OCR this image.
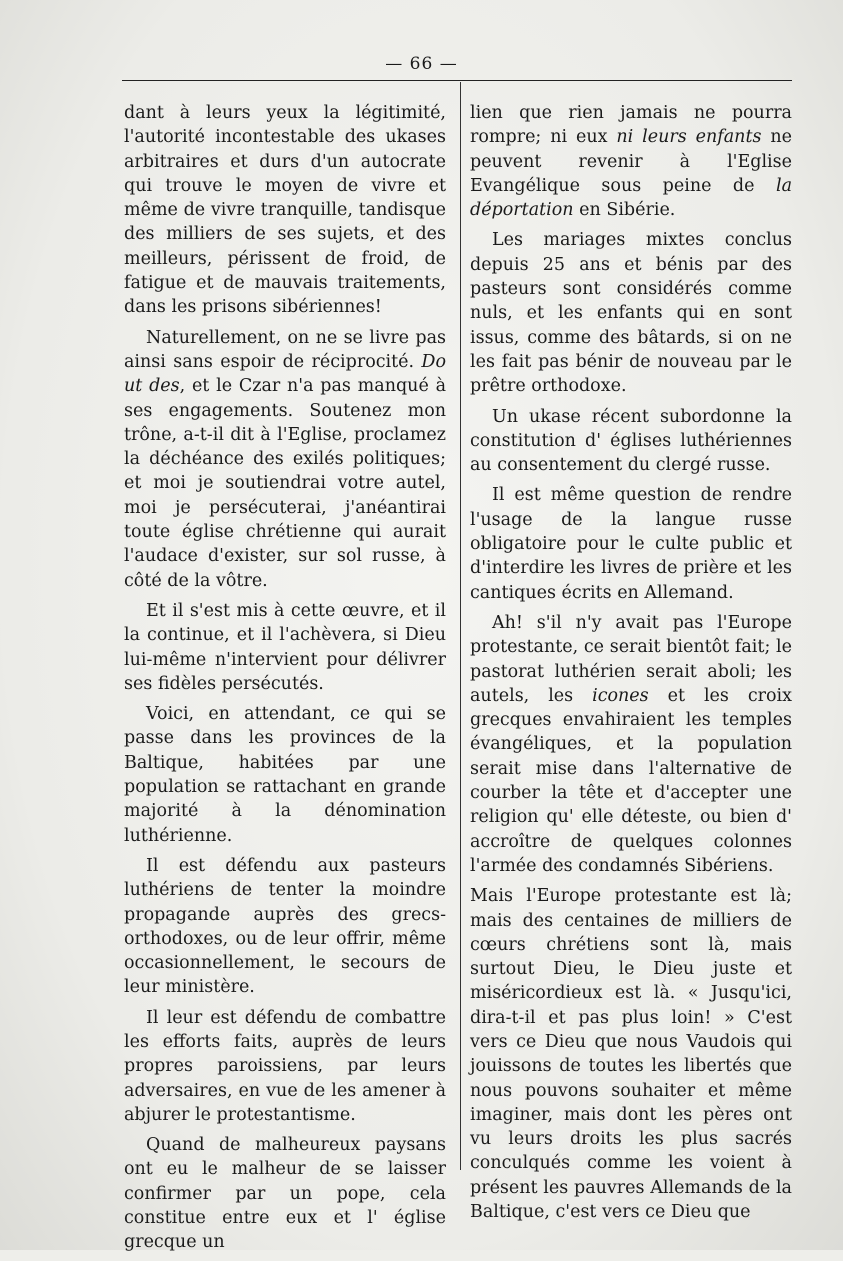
— 66 —

dant à leurs yeux la légitimité, l'autorité incontestable des ukases arbitraires et durs d'un autocrate qui trouve le moyen de vivre et même de vivre tranquille, tandisque des milliers de ses sujets, et des meilleurs, périssent de froid, de fatigue et de mauvais traitements, dans les prisons sibériennes!

Naturellement, on ne se livre pas ainsi sans espoir de réciprocité. Do ut des, et le Czar n'a pas manqué à ses engagements. Soutenez mon trône, a-t-il dit à l'Eglise, proclamez la déchéance des exilés politiques; et moi je soutiendrai votre autel, moi je persécuterai, j'anéantirai toute église chrétienne qui aurait l'audace d'exister, sur sol russe, à côté de la vôtre.

Et il s'est mis à cette œuvre, et il la continue, et il l'achèvera, si Dieu lui-même n'intervient pour délivrer ses fidèles persécutés.

Voici, en attendant, ce qui se passe dans les provinces de la Baltique, habitées par une population se rattachant en grande majorité à la dénomination luthérienne.

Il est défendu aux pasteurs luthériens de tenter la moindre propagande auprès des grecs-orthodoxes, ou de leur offrir, même occasionnellement, le secours de leur ministère.

Il leur est défendu de combattre les efforts faits, auprès de leurs propres paroissiens, par leurs adversaires, en vue de les amener à abjurer le protestantisme.

Quand de malheureux paysans ont eu le malheur de se laisser confirmer par un pope, cela constitue entre eux et l' église grecque un

lien que rien jamais ne pourra rompre; ni eux ni leurs enfants ne peuvent revenir à l'Eglise Evangélique sous peine de la déportation en Sibérie.

Les mariages mixtes conclus depuis 25 ans et bénis par des pasteurs sont considérés comme nuls, et les enfants qui en sont issus, comme des bâtards, si on ne les fait pas bénir de nouveau par le prêtre orthodoxe.

Un ukase récent subordonne la constitution d' églises luthériennes au consentement du clergé russe.

Il est même question de rendre l'usage de la langue russe obligatoire pour le culte public et d'interdire les livres de prière et les cantiques écrits en Allemand.

Ah! s'il n'y avait pas l'Europe protestante, ce serait bientôt fait; le pastorat luthérien serait aboli; les autels, les icones et les croix grecques envahiraient les temples évangéliques, et la population serait mise dans l'alternative de courber la tête et d'accepter une religion qu' elle déteste, ou bien d' accroître de quelques colonnes l'armée des condamnés Sibériens.

Mais l'Europe protestante est là; mais des centaines de milliers de cœurs chrétiens sont là, mais surtout Dieu, le Dieu juste et miséricordieux est là. « Jusqu'ici, dira-t-il et pas plus loin! » C'est vers ce Dieu que nous Vaudois qui jouissons de toutes les libertés que nous pouvons souhaiter et même imaginer, mais dont les pères ont vu leurs droits les plus sacrés conculqués comme les voient à présent les pauvres Allemands de la Baltique, c'est vers ce Dieu que
